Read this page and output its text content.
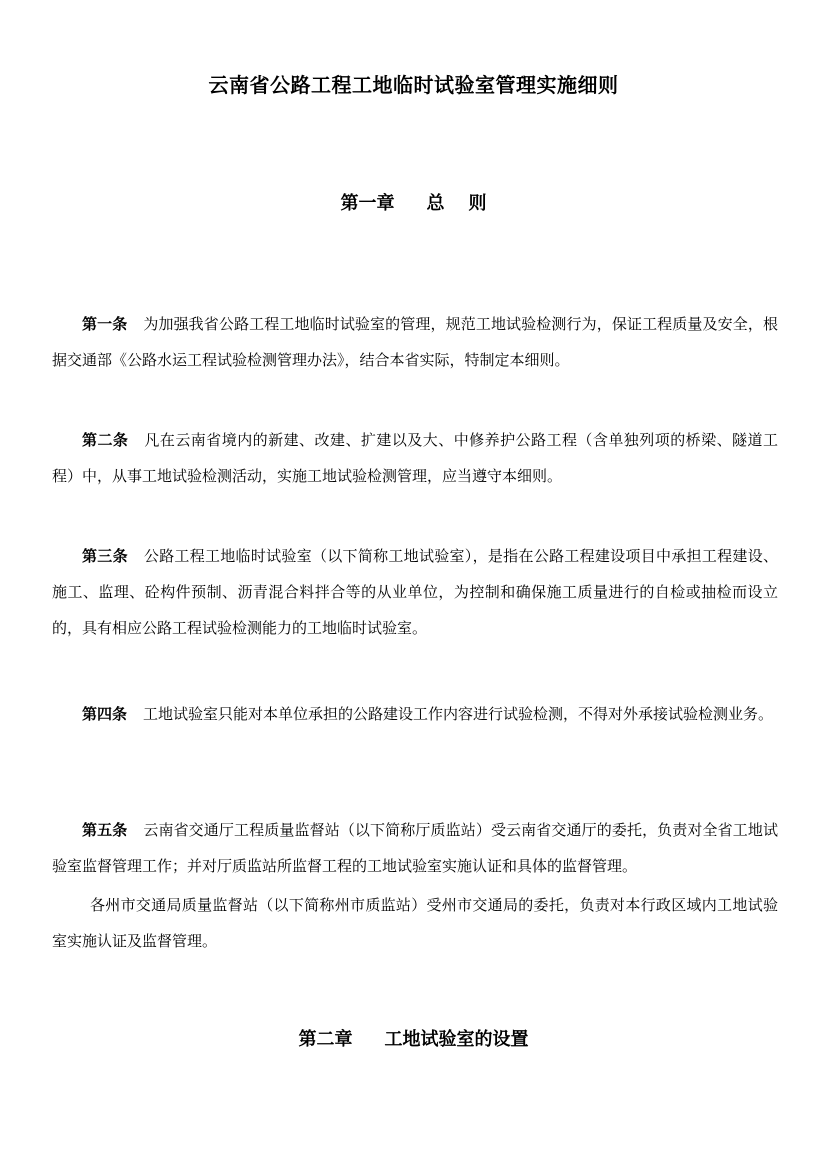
云南省公路工程工地临时试验室管理实施细则
第一章 总则
第一条 为加强我省公路工程工地临时试验室的管理，规范工地试验检测行为，保证工程质量及安全，根据交通部《公路水运工程试验检测管理办法》，结合本省实际，特制定本细则。
第二条 凡在云南省境内的新建、改建、扩建以及大、中修养护公路工程（含单独列项的桥梁、隧道工程）中，从事工地试验检测活动，实施工地试验检测管理，应当遵守本细则。
第三条 公路工程工地临时试验室（以下简称工地试验室），是指在公路工程建设项目中承担工程建设、施工、监理、砼构件预制、沥青混合料拌合等的从业单位，为控制和确保施工质量进行的自检或抽检而设立的，具有相应公路工程试验检测能力的工地临时试验室。
第四条 工地试验室只能对本单位承担的公路建设工作内容进行试验检测，不得对外承接试验检测业务。
第五条 云南省交通厅工程质量监督站（以下简称厅质监站）受云南省交通厅的委托，负责对全省工地试验室监督管理工作；并对厅质监站所监督工程的工地试验室实施认证和具体的监督管理。
各州市交通局质量监督站（以下简称州市质监站）受州市交通局的委托，负责对本行政区域内工地试验室实施认证及监督管理。
第二章 工地试验室的设置
